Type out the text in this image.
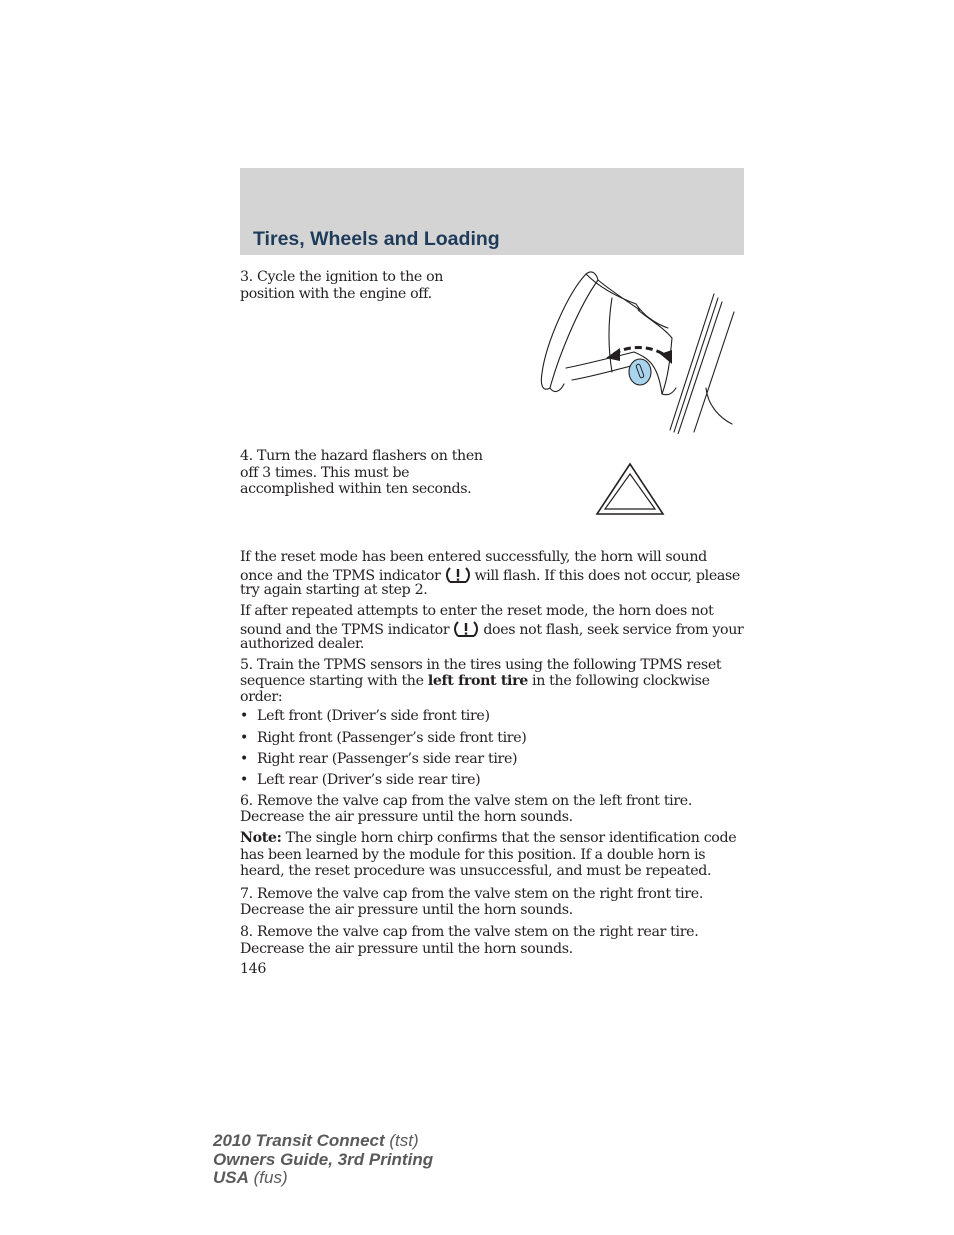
Tires, Wheels and Loading

3. Cycle the ignition to the on

position with the engine off.

4. Turn the hazard flashers on then

off 3 times. This must be

accomplished within ten seconds.

If the reset mode has been entered successfully, the horn will sound

once and the TPMS indicator will flash. If this does not occur, please

try again starting at step 2.

If after repeated attempts to enter the reset mode, the horn does not

sound and the TPMS indicator does not flash, seek service from your

authorized dealer.

5. Train the TPMS sensors in the tires using the following TPMS reset

sequence starting with the left front tire in the following clockwise

order:

• Left front (Driver’s side front tire)

• Right front (Passenger’s side front tire)

• Right rear (Passenger’s side rear tire)

• Left rear (Driver’s side rear tire)

6. Remove the valve cap from the valve stem on the left front tire.

Decrease the air pressure until the horn sounds.

Note: The single horn chirp confirms that the sensor identification code

has been learned by the module for this position. If a double horn is

heard, the reset procedure was unsuccessful, and must be repeated.

7. Remove the valve cap from the valve stem on the right front tire.

Decrease the air pressure until the horn sounds.

8. Remove the valve cap from the valve stem on the right rear tire.

Decrease the air pressure until the horn sounds.

146

2010 Transit Connect (tst)
Owners Guide, 3rd Printing
USA (fus)
